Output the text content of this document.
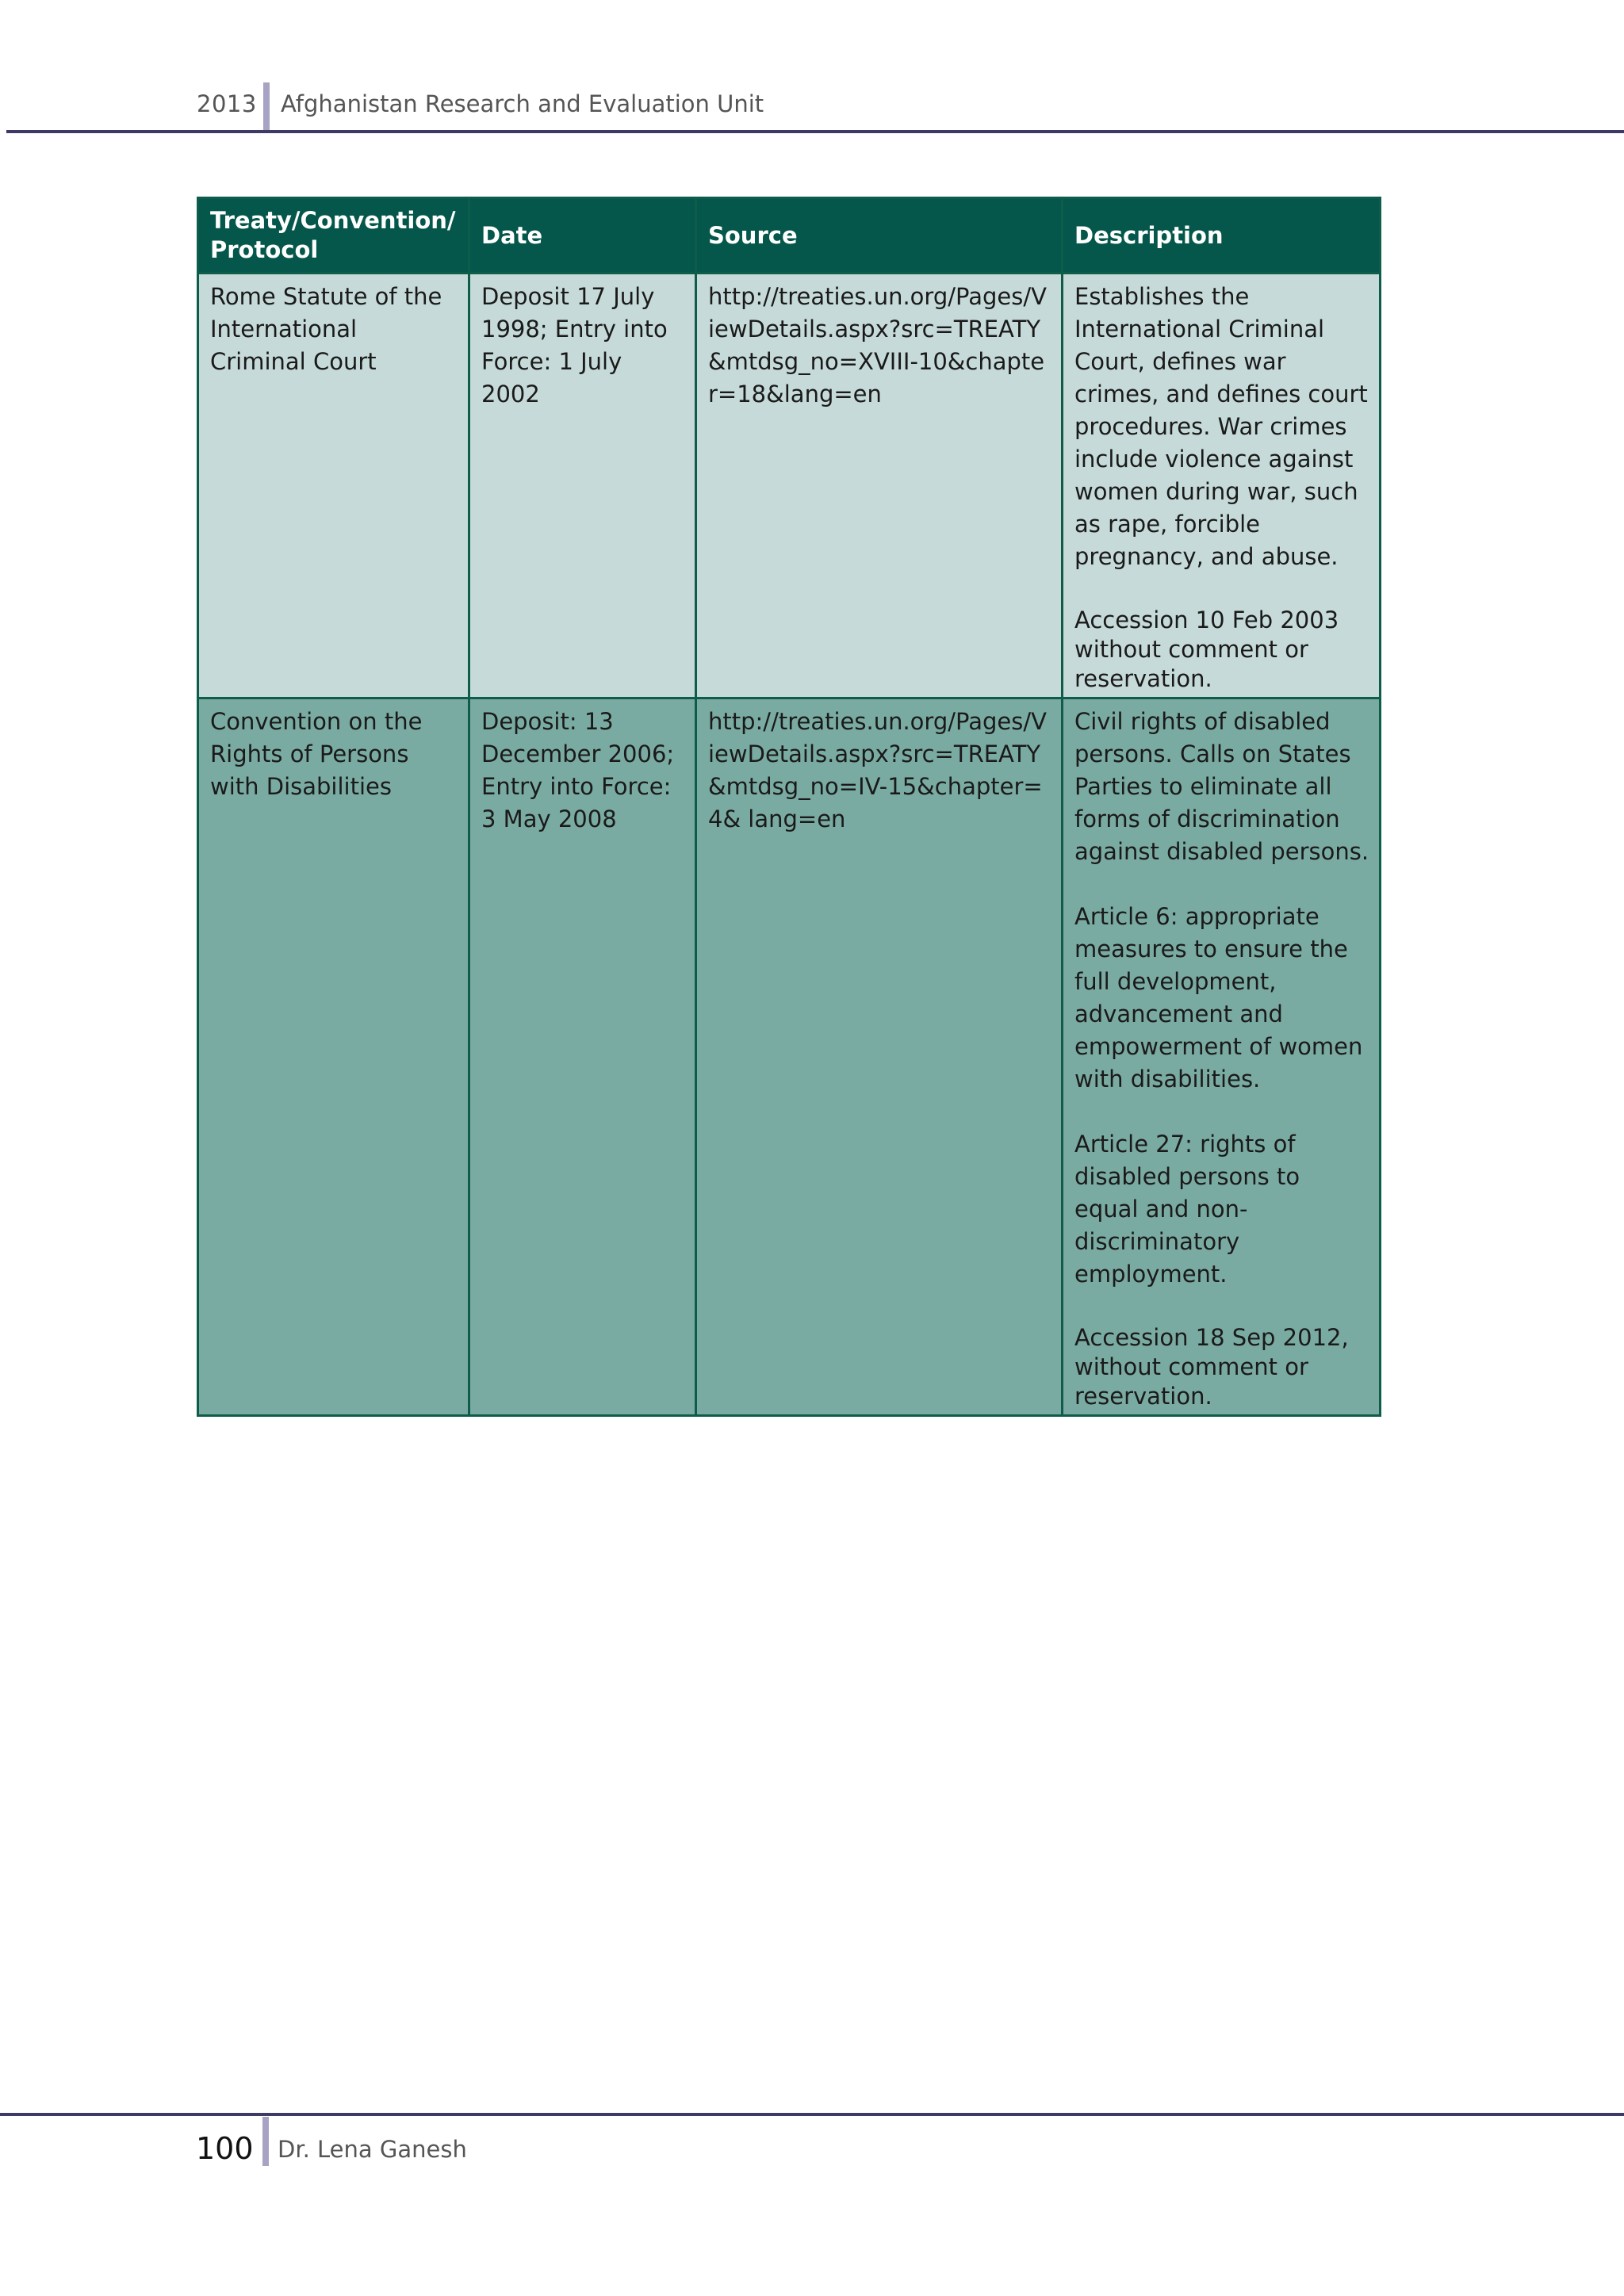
2013 Afghanistan Research and Evaluation Unit
Treaty/Convention/ Protocol	Date	Source	Description

Rome Statute of the International Criminal Court	Deposit 17 July 1998; Entry into Force: 1 July 2002	http://treaties.un.org/Pages/ViewDetails.aspx?src=TREATY&mtdsg_no=XVIII-10&chapter=18&lang=en	Establishes the International Criminal Court, defines war crimes, and defines court procedures. War crimes include violence against women during war, such as rape, forcible pregnancy, and abuse.
Accession 10 Feb 2003 without comment or reservation.

Convention on the Rights of Persons with Disabilities	Deposit: 13 December 2006; Entry into Force: 3 May 2008	http://treaties.un.org/Pages/ViewDetails.aspx?src=TREATY&mtdsg_no=IV-15&chapter=4& lang=en	Civil rights of disabled persons. Calls on States Parties to eliminate all forms of discrimination against disabled persons.
Article 6: appropriate measures to ensure the full development, advancement and empowerment of women with disabilities.
Article 27: rights of disabled persons to equal and non-discriminatory employment.
Accession 18 Sep 2012, without comment or reservation.
100 Dr. Lena Ganesh
